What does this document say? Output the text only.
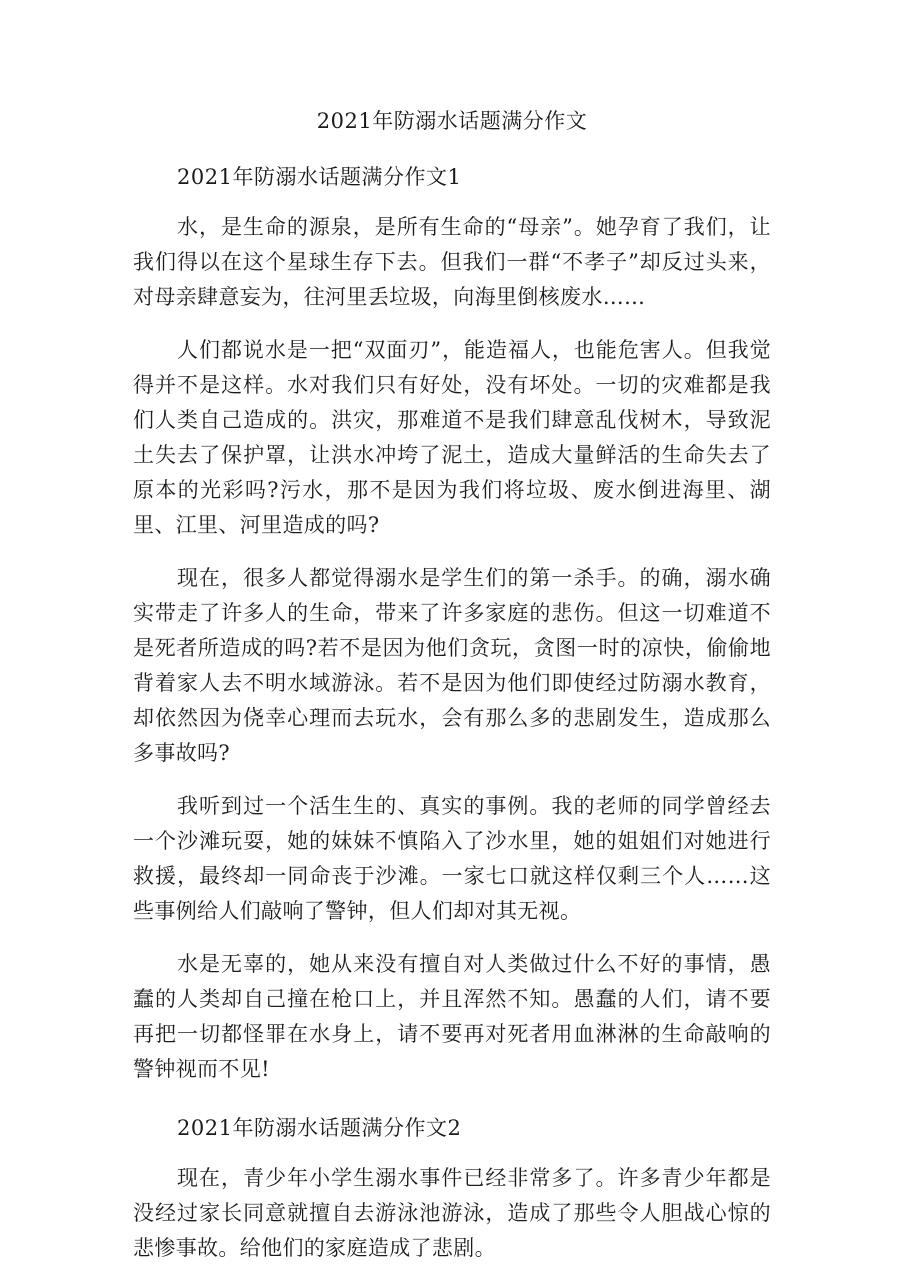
2021年防溺水话题满分作文
2021年防溺水话题满分作文1

水，是生命的源泉，是所有生命的“母亲”。她孕育了我们，让我们得以在这个星球生存下去。但我们一群“不孝子”却反过头来，对母亲肆意妄为，往河里丢垃圾，向海里倒核废水……

人们都说水是一把“双面刃”，能造福人，也能危害人。但我觉得并不是这样。水对我们只有好处，没有坏处。一切的灾难都是我们人类自己造成的。洪灾，那难道不是我们肆意乱伐树木，导致泥土失去了保护罩，让洪水冲垮了泥土，造成大量鲜活的生命失去了原本的光彩吗?污水，那不是因为我们将垃圾、废水倒进海里、湖里、江里、河里造成的吗?

现在，很多人都觉得溺水是学生们的第一杀手。的确，溺水确实带走了许多人的生命，带来了许多家庭的悲伤。但这一切难道不是死者所造成的吗?若不是因为他们贪玩，贪图一时的凉快，偷偷地背着家人去不明水域游泳。若不是因为他们即使经过防溺水教育，却依然因为侥幸心理而去玩水，会有那么多的悲剧发生，造成那么多事故吗?

我听到过一个活生生的、真实的事例。我的老师的同学曾经去一个沙滩玩耍，她的妹妹不慎陷入了沙水里，她的姐姐们对她进行救援，最终却一同命丧于沙滩。一家七口就这样仅剩三个人……这些事例给人们敲响了警钟，但人们却对其无视。

水是无辜的，她从来没有擅自对人类做过什么不好的事情，愚蠢的人类却自己撞在枪口上，并且浑然不知。愚蠢的人们，请不要再把一切都怪罪在水身上，请不要再对死者用血淋淋的生命敲响的警钟视而不见!

2021年防溺水话题满分作文2

现在，青少年小学生溺水事件已经非常多了。许多青少年都是没经过家长同意就擅自去游泳池游泳，造成了那些令人胆战心惊的悲惨事故。给他们的家庭造成了悲剧。
